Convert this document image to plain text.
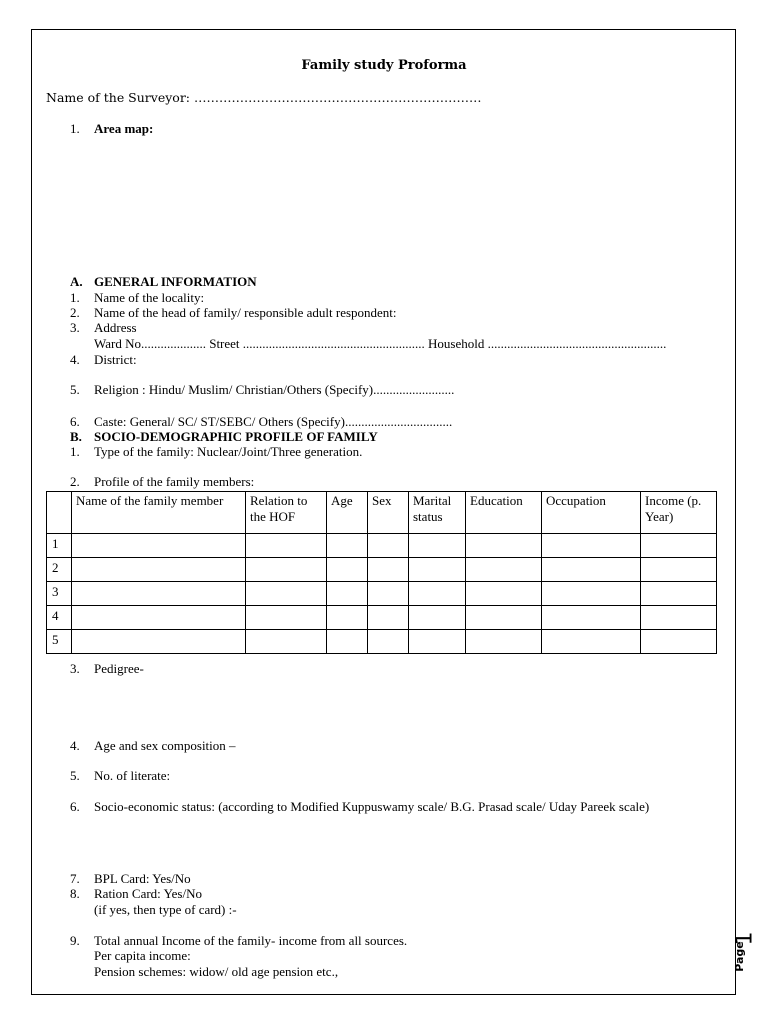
Family study Proforma
Name of the Surveyor: ……………………………………………………………
1. Area map:
A. GENERAL INFORMATION
1. Name of the locality:
2. Name of the head of family/ responsible adult respondent:
3. Address
Ward No.................... Street ........................................................ Household .......................................................
4. District:
5. Religion : Hindu/ Muslim/ Christian/Others (Specify).........................
6. Caste: General/ SC/ ST/SEBC/ Others (Specify).................................
B. SOCIO-DEMOGRAPHIC PROFILE OF FAMILY
1. Type of the family: Nuclear/Joint/Three generation.
2. Profile of the family members:
	Name of the family member	Relation to the HOF	Age	Sex	Marital status	Education	Occupation	Income (p. Year)
1								
2								
3								
4								
5								
3. Pedigree-
4. Age and sex composition –
5. No. of literate:
6. Socio-economic status: (according to Modified Kuppuswamy scale/ B.G. Prasad scale/ Uday Pareek scale)
7. BPL Card: Yes/No
8. Ration Card: Yes/No
(if yes, then type of card) :-
9. Total annual Income of the family- income from all sources.
Per capita income:
Pension schemes: widow/ old age pension etc.,	Page
1
